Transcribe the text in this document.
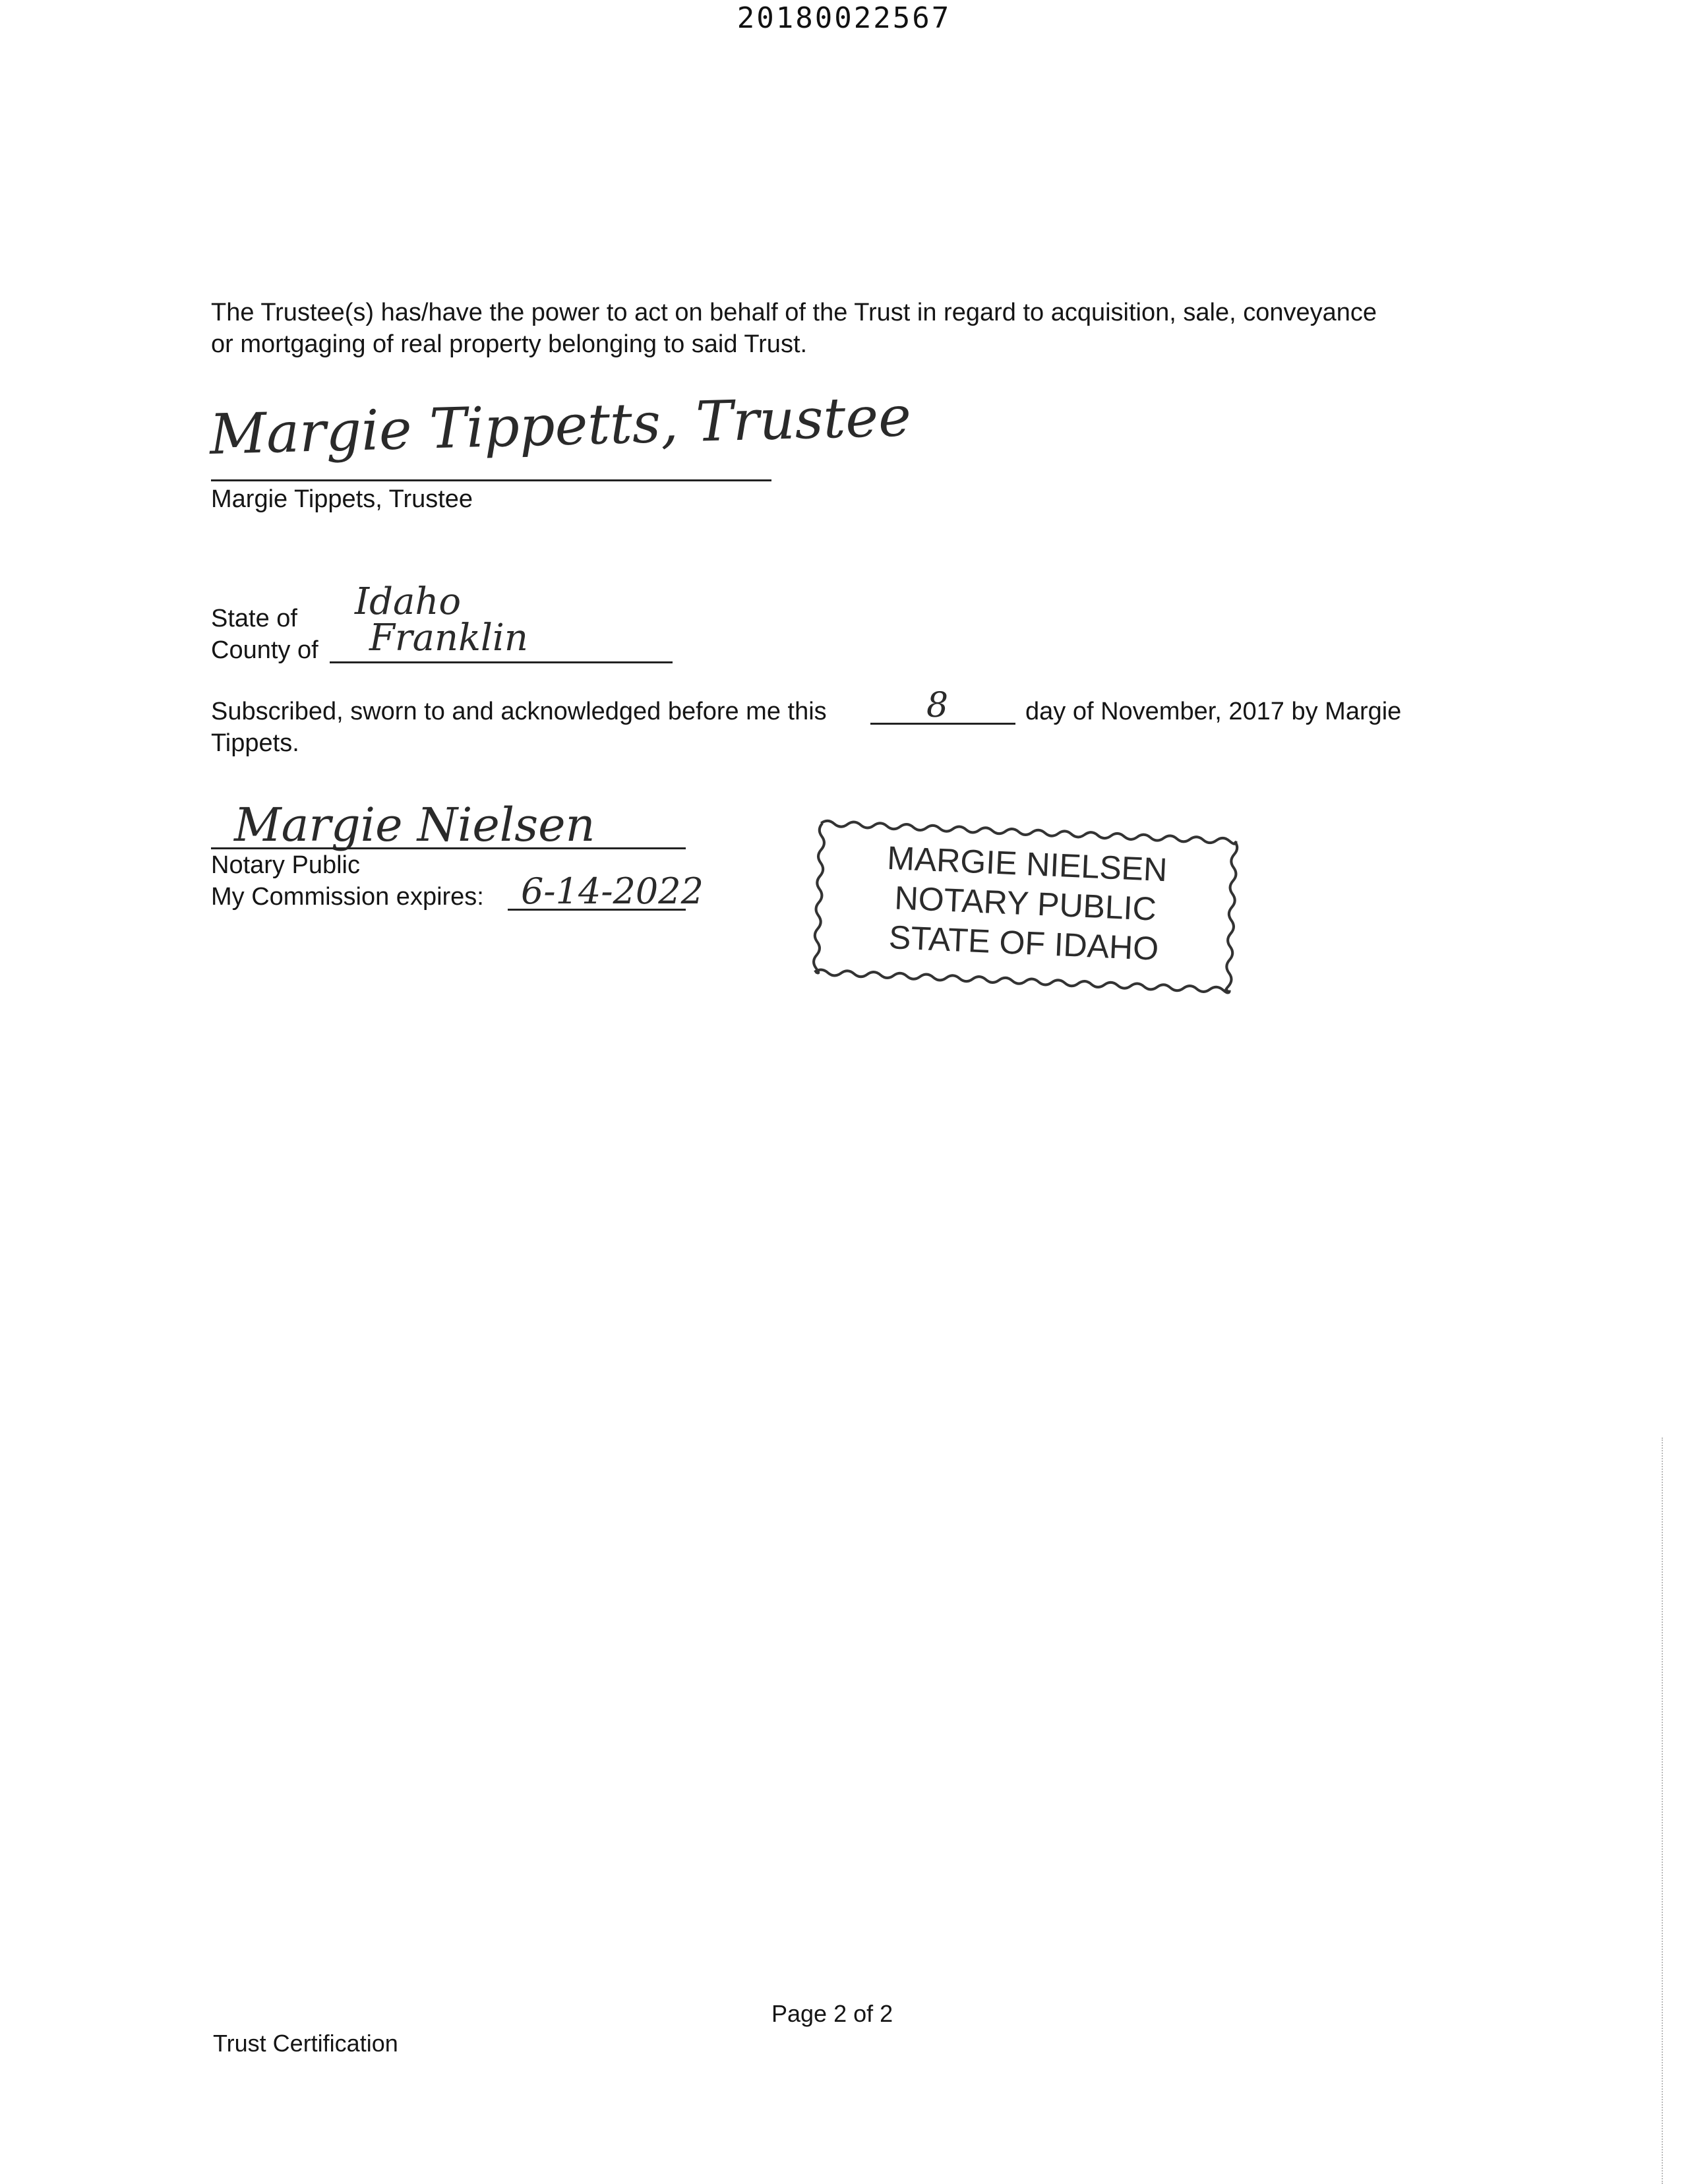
20180022567
The Trustee(s) has/have the power to act on behalf of the Trust in regard to acquisition, sale, conveyance
or mortgaging of real property belonging to said Trust.
Margie Tippetts, Trustee
Margie Tippets, Trustee
State of Idaho
County of Franklin
Subscribed, sworn to and acknowledged before me this	8	day of November, 2017 by Margie
Tippets.
Margie Nielsen
Notary Public
My Commission expires: 6-14-2022
MARGIE NIELSEN
NOTARY PUBLIC
STATE OF IDAHO
Page 2 of 2
Trust Certification
